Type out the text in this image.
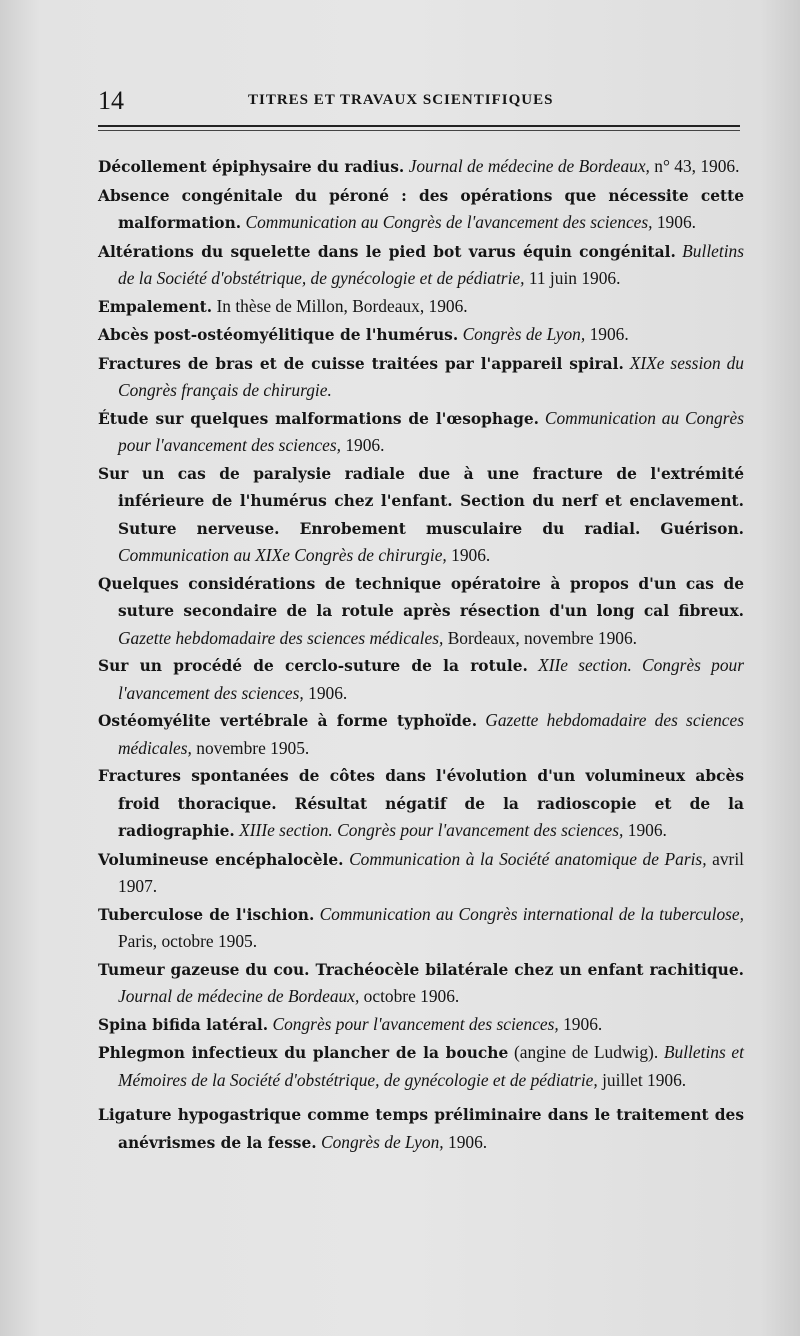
14	TITRES ET TRAVAUX SCIENTIFIQUES

Décollement épiphysaire du radius. Journal de médecine de Bordeaux, n° 43, 1906.

Absence congénitale du péroné : des opérations que nécessite cette malformation. Communication au Congrès de l'avancement des sciences, 1906.

Altérations du squelette dans le pied bot varus équin congénital. Bulletins de la Société d'obstétrique, de gynécologie et de pédiatrie, 11 juin 1906.

Empalement. In thèse de Millon, Bordeaux, 1906.

Abcès post-ostéomyélitique de l'humérus. Congrès de Lyon, 1906.

Fractures de bras et de cuisse traitées par l'appareil spiral. XIXe session du Congrès français de chirurgie.

Étude sur quelques malformations de l'œsophage. Communication au Congrès pour l'avancement des sciences, 1906.

Sur un cas de paralysie radiale due à une fracture de l'extrémité inférieure de l'humérus chez l'enfant. Section du nerf et enclavement. Suture nerveuse. Enrobement musculaire du radial. Guérison. Communication au XIXe Congrès de chirurgie, 1906.

Quelques considérations de technique opératoire à propos d'un cas de suture secondaire de la rotule après résection d'un long cal fibreux. Gazette hebdomadaire des sciences médicales, Bordeaux, novembre 1906.

Sur un procédé de cerclo-suture de la rotule. XIIe section. Congrès pour l'avancement des sciences, 1906.

Ostéomyélite vertébrale à forme typhoïde. Gazette hebdomadaire des sciences médicales, novembre 1905.

Fractures spontanées de côtes dans l'évolution d'un volumineux abcès froid thoracique. Résultat négatif de la radioscopie et de la radiographie. XIIIe section. Congrès pour l'avancement des sciences, 1906.

Volumineuse encéphalocèle. Communication à la Société anatomique de Paris, avril 1907.

Tuberculose de l'ischion. Communication au Congrès international de la tuberculose, Paris, octobre 1905.

Tumeur gazeuse du cou. Trachéocèle bilatérale chez un enfant rachitique. Journal de médecine de Bordeaux, octobre 1906.

Spina bifida latéral. Congrès pour l'avancement des sciences, 1906.

Phlegmon infectieux du plancher de la bouche (angine de Ludwig). Bulletins et Mémoires de la Société d'obstétrique, de gynécologie et de pédiatrie, juillet 1906.

Ligature hypogastrique comme temps préliminaire dans le traitement des anévrismes de la fesse. Congrès de Lyon, 1906.
